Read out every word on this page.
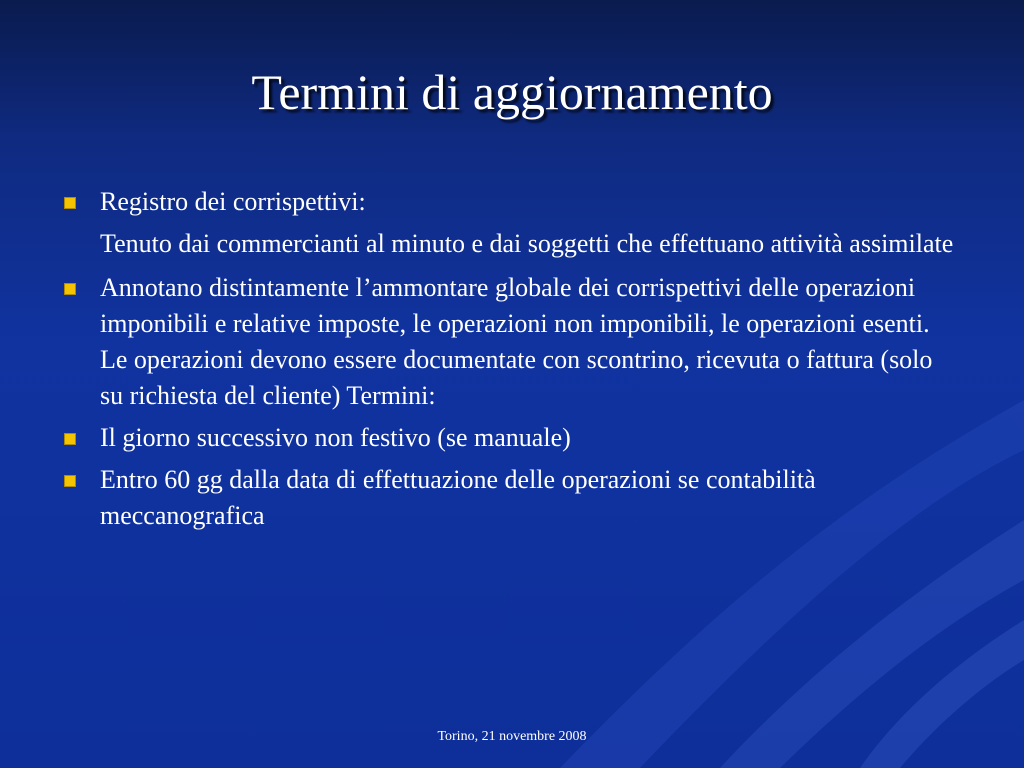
Termini di aggiornamento
Registro dei corrispettivi:
Tenuto dai commercianti al minuto e dai soggetti che effettuano attività assimilate
Annotano distintamente l’ammontare globale dei corrispettivi delle operazioni imponibili e relative imposte, le operazioni non imponibili, le operazioni esenti. Le operazioni devono essere documentate con scontrino, ricevuta o fattura (solo su richiesta del cliente) Termini:
Il giorno successivo non festivo (se manuale)
Entro 60 gg dalla data di effettuazione delle operazioni se contabilità meccanografica
Torino, 21 novembre 2008
